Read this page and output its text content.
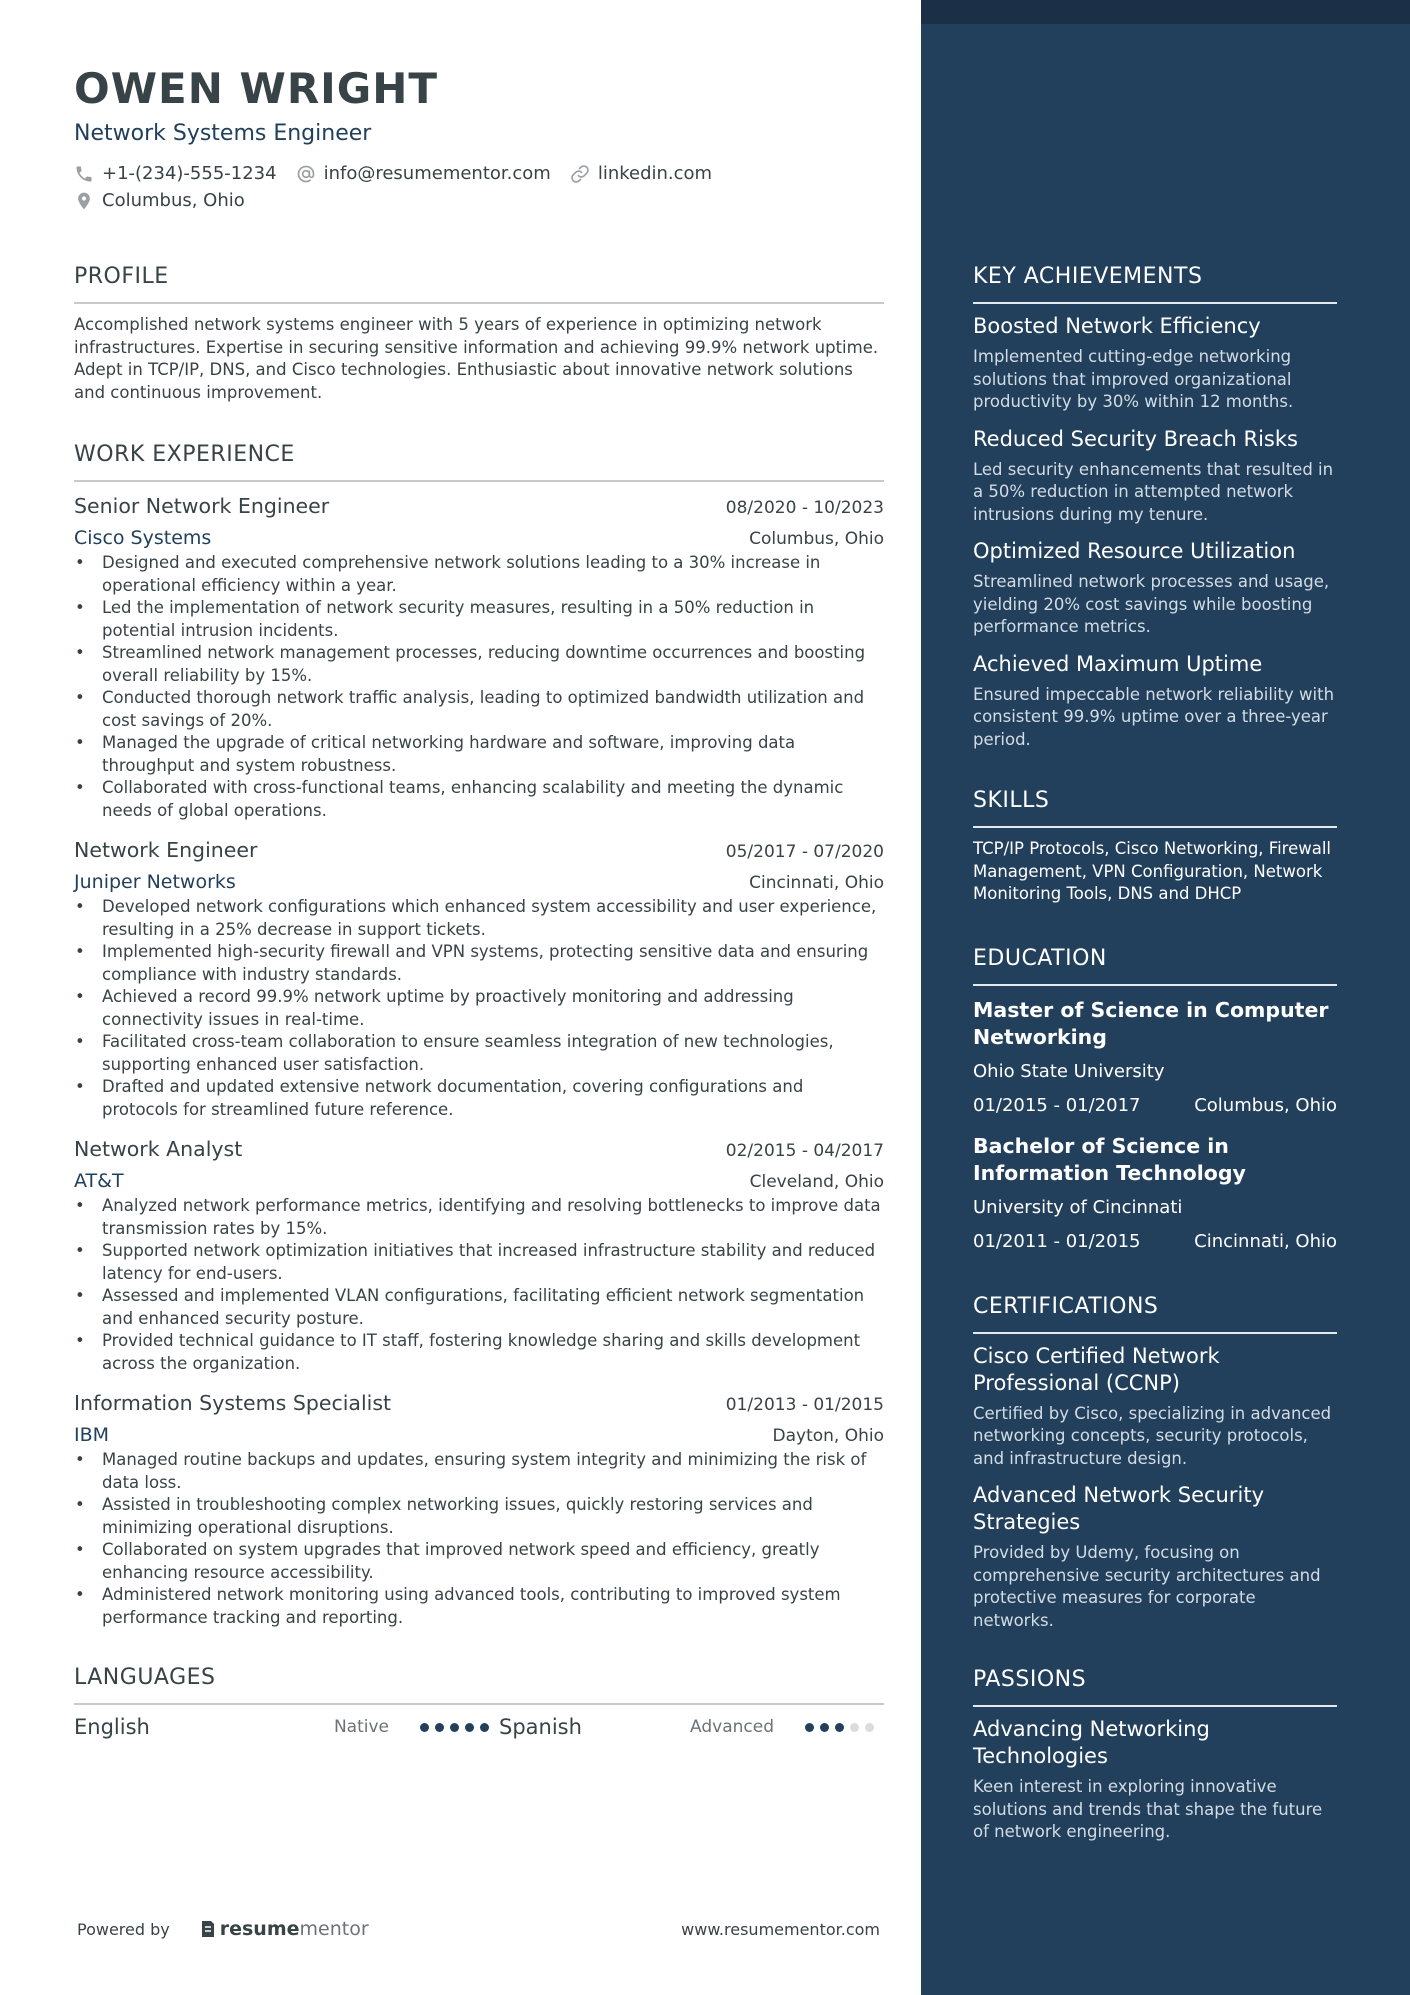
KEY ACHIEVEMENTS
Boosted Network Efficiency
Implemented cutting-edge networking solutions that improved organizational productivity by 30% within 12 months.
Reduced Security Breach Risks
Led security enhancements that resulted in a 50% reduction in attempted network intrusions during my tenure.
Optimized Resource Utilization
Streamlined network processes and usage, yielding 20% cost savings while boosting performance metrics.
Achieved Maximum Uptime
Ensured impeccable network reliability with consistent 99.9% uptime over a three-year period.
SKILLS
TCP/IP Protocols, Cisco Networking, Firewall Management, VPN Configuration, Network Monitoring Tools, DNS and DHCP
EDUCATION
Master of Science in Computer Networking
Ohio State University
01/2015 - 01/2017	Columbus, Ohio
Bachelor of Science in Information Technology
University of Cincinnati
01/2011 - 01/2015	Cincinnati, Ohio
CERTIFICATIONS
Cisco Certified Network Professional (CCNP)
Certified by Cisco, specializing in advanced networking concepts, security protocols, and infrastructure design.
Advanced Network Security Strategies
Provided by Udemy, focusing on comprehensive security architectures and protective measures for corporate networks.
PASSIONS
Advancing Networking Technologies
Keen interest in exploring innovative solutions and trends that shape the future of network engineering.
OWEN WRIGHT
Network Systems Engineer
+1-(234)-555-1234	info@resumementor.com	linkedin.com
Columbus, Ohio
PROFILE
Accomplished network systems engineer with 5 years of experience in optimizing network infrastructures. Expertise in securing sensitive information and achieving 99.9% network uptime. Adept in TCP/IP, DNS, and Cisco technologies. Enthusiastic about innovative network solutions and continuous improvement.
WORK EXPERIENCE
Senior Network Engineer	08/2020 - 10/2023
Cisco Systems	Columbus, Ohio
• Designed and executed comprehensive network solutions leading to a 30% increase in operational efficiency within a year.
• Led the implementation of network security measures, resulting in a 50% reduction in potential intrusion incidents.
• Streamlined network management processes, reducing downtime occurrences and boosting overall reliability by 15%.
• Conducted thorough network traffic analysis, leading to optimized bandwidth utilization and cost savings of 20%.
• Managed the upgrade of critical networking hardware and software, improving data throughput and system robustness.
• Collaborated with cross-functional teams, enhancing scalability and meeting the dynamic needs of global operations.
Network Engineer	05/2017 - 07/2020
Juniper Networks	Cincinnati, Ohio
• Developed network configurations which enhanced system accessibility and user experience, resulting in a 25% decrease in support tickets.
• Implemented high-security firewall and VPN systems, protecting sensitive data and ensuring compliance with industry standards.
• Achieved a record 99.9% network uptime by proactively monitoring and addressing connectivity issues in real-time.
• Facilitated cross-team collaboration to ensure seamless integration of new technologies, supporting enhanced user satisfaction.
• Drafted and updated extensive network documentation, covering configurations and protocols for streamlined future reference.
Network Analyst	02/2015 - 04/2017
AT&T	Cleveland, Ohio
• Analyzed network performance metrics, identifying and resolving bottlenecks to improve data transmission rates by 15%.
• Supported network optimization initiatives that increased infrastructure stability and reduced latency for end-users.
• Assessed and implemented VLAN configurations, facilitating efficient network segmentation and enhanced security posture.
• Provided technical guidance to IT staff, fostering knowledge sharing and skills development across the organization.
Information Systems Specialist	01/2013 - 01/2015
IBM	Dayton, Ohio
• Managed routine backups and updates, ensuring system integrity and minimizing the risk of data loss.
• Assisted in troubleshooting complex networking issues, quickly restoring services and minimizing operational disruptions.
• Collaborated on system upgrades that improved network speed and efficiency, greatly enhancing resource accessibility.
• Administered network monitoring using advanced tools, contributing to improved system performance tracking and reporting.
LANGUAGES
English	Native	Spanish	Advanced
Powered by	resume mentor	www.resumementor.com
